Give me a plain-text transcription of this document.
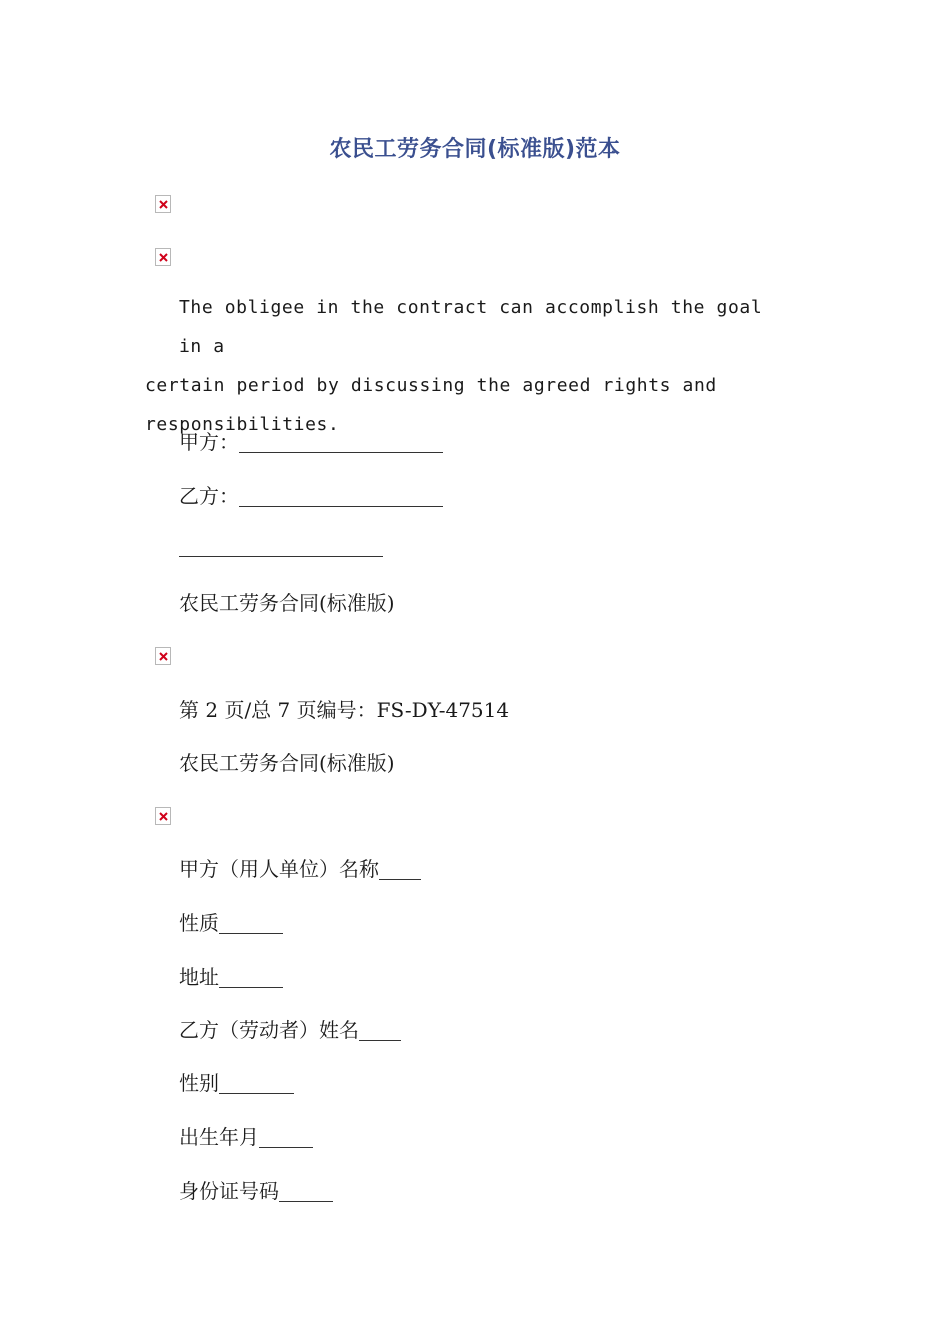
农民工劳务合同(标准版)范本
The obligee in the contract can accomplish the goal in a
certain period by discussing the agreed rights and
responsibilities.
甲方：
乙方：
农民工劳务合同(标准版)
第 2 页/总 7 页编号：FS-DY-47514
农民工劳务合同(标准版)
甲方（用人单位）名称
性质
地址
乙方（劳动者）姓名
性别
出生年月
身份证号码
